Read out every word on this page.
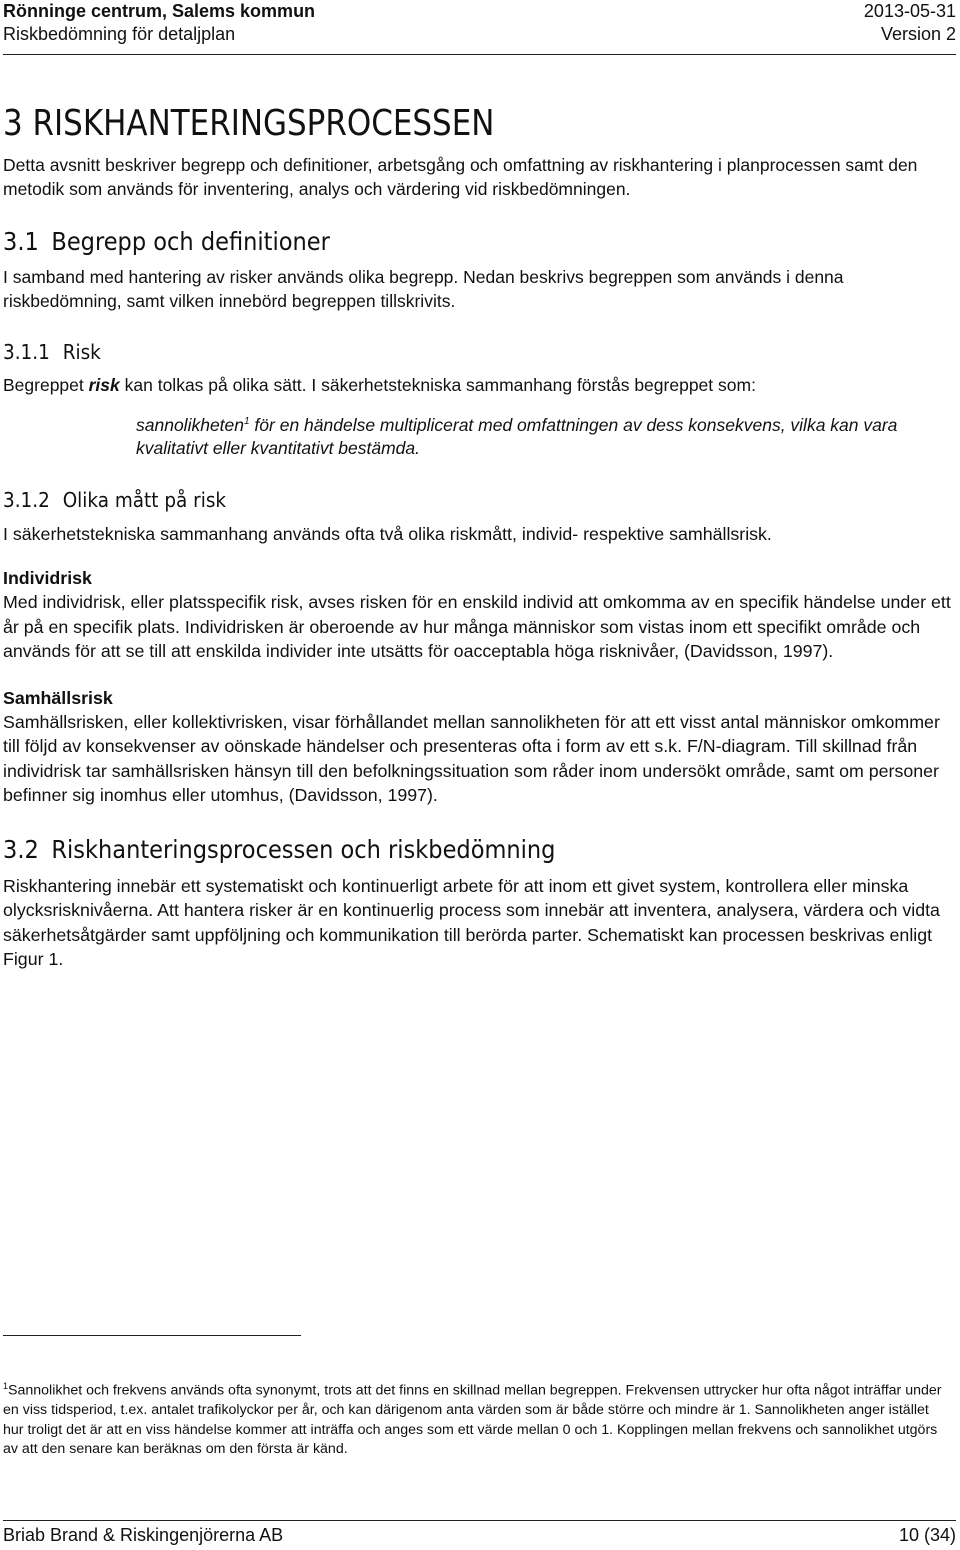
Rönninge centrum, Salems kommun	2013-05-31
Riskbedömning för detaljplan	Version 2
3 RISKHANTERINGSPROCESSEN

Detta avsnitt beskriver begrepp och definitioner, arbetsgång och omfattning av riskhantering i planprocessen samt den metodik som används för inventering, analys och värdering vid riskbedömningen.

3.1 Begrepp och definitioner

I samband med hantering av risker används olika begrepp. Nedan beskrivs begreppen som används i denna riskbedömning, samt vilken innebörd begreppen tillskrivits.

3.1.1 Risk

Begreppet risk kan tolkas på olika sätt. I säkerhetstekniska sammanhang förstås begreppet som:

sannolikheten$^1$ för en händelse multiplicerat med omfattningen av dess konsekvens, vilka kan vara kvalitativt eller kvantitativt bestämda.

3.1.2 Olika mått på risk

I säkerhetstekniska sammanhang används ofta två olika riskmått, individ- respektive samhällsrisk.

Individrisk

Med individrisk, eller platsspecifik risk, avses risken för en enskild individ att omkomma av en specifik händelse under ett år på en specifik plats. Individrisken är oberoende av hur många människor som vistas inom ett specifikt område och används för att se till att enskilda individer inte utsätts för oacceptabla höga risknivåer, (Davidsson, 1997).

Samhällsrisk

Samhällsrisken, eller kollektivrisken, visar förhållandet mellan sannolikheten för att ett visst antal människor omkommer till följd av konsekvenser av oönskade händelser och presenteras ofta i form av ett s.k. F/N-diagram. Till skillnad från individrisk tar samhällsrisken hänsyn till den befolkningssituation som råder inom undersökt område, samt om personer befinner sig inomhus eller utomhus, (Davidsson, 1997).

3.2 Riskhanteringsprocessen och riskbedömning

Riskhantering innebär ett systematiskt och kontinuerligt arbete för att inom ett givet system, kontrollera eller minska olycksrisknivåerna. Att hantera risker är en kontinuerlig process som innebär att inventera, analysera, värdera och vidta säkerhetsåtgärder samt uppföljning och kommunikation till berörda parter. Schematiskt kan processen beskrivas enligt Figur 1.

$^1$Sannolikhet och frekvens används ofta synonymt, trots att det finns en skillnad mellan begreppen. Frekvensen uttrycker hur ofta något inträffar under en viss tidsperiod, t.ex. antalet trafikolyckor per år, och kan därigenom anta värden som är både större och mindre är 1. Sannolikheten anger istället hur troligt det är att en viss händelse kommer att inträffa och anges som ett värde mellan 0 och 1. Kopplingen mellan frekvens och sannolikhet utgörs av att den senare kan beräknas om den första är känd.
Briab Brand & Riskingenjörerna AB	10 (34)
